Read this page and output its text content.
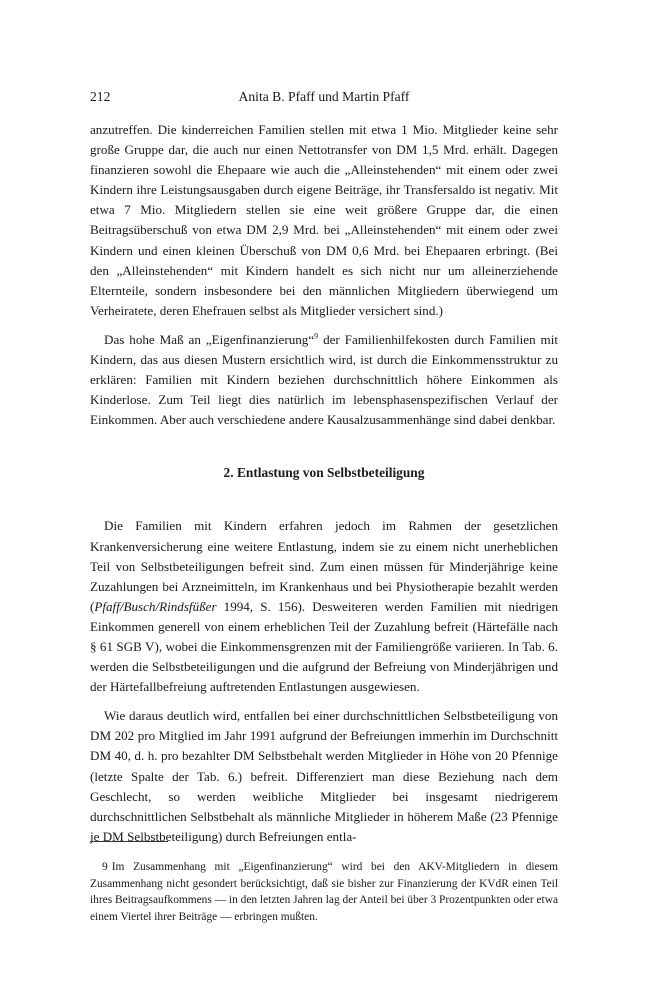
212	Anita B. Pfaff und Martin Pfaff

anzutreffen. Die kinderreichen Familien stellen mit etwa 1 Mio. Mitglieder keine sehr große Gruppe dar, die auch nur einen Nettotransfer von DM 1,5 Mrd. erhält. Dagegen finanzieren sowohl die Ehepaare wie auch die „Alleinstehenden“ mit einem oder zwei Kindern ihre Leistungsausgaben durch eigene Beiträge, ihr Transfersaldo ist negativ. Mit etwa 7 Mio. Mitgliedern stellen sie eine weit größere Gruppe dar, die einen Beitragsüberschuß von etwa DM 2,9 Mrd. bei „Alleinstehenden“ mit einem oder zwei Kindern und einen kleinen Überschuß von DM 0,6 Mrd. bei Ehepaaren erbringt. (Bei den „Alleinstehenden“ mit Kindern handelt es sich nicht nur um alleinerziehende Elternteile, sondern insbesondere bei den männlichen Mitgliedern überwiegend um Verheiratete, deren Ehefrauen selbst als Mitglieder versichert sind.)

Das hohe Maß an „Eigenfinanzierung“$^9$ der Familienhilfekosten durch Familien mit Kindern, das aus diesen Mustern ersichtlich wird, ist durch die Einkommensstruktur zu erklären: Familien mit Kindern beziehen durchschnittlich höhere Einkommen als Kinderlose. Zum Teil liegt dies natürlich im lebensphasenspezifischen Verlauf der Einkommen. Aber auch verschiedene andere Kausalzusammenhänge sind dabei denkbar.

2. Entlastung von Selbstbeteiligung

Die Familien mit Kindern erfahren jedoch im Rahmen der gesetzlichen Krankenversicherung eine weitere Entlastung, indem sie zu einem nicht unerheblichen Teil von Selbstbeteiligungen befreit sind. Zum einen müssen für Minderjährige keine Zuzahlungen bei Arzneimitteln, im Krankenhaus und bei Physiotherapie bezahlt werden (Pfaff/Busch/Rindsfüßer 1994, S. 156). Desweiteren werden Familien mit niedrigen Einkommen generell von einem erheblichen Teil der Zuzahlung befreit (Härtefälle nach § 61 SGB V), wobei die Einkommensgrenzen mit der Familiengröße variieren. In Tab. 6. werden die Selbstbeteiligungen und die aufgrund der Befreiung von Minderjährigen und der Härtefallbefreiung auftretenden Entlastungen ausgewiesen.

Wie daraus deutlich wird, entfallen bei einer durchschnittlichen Selbstbeteiligung von DM 202 pro Mitglied im Jahr 1991 aufgrund der Befreiungen immerhin im Durchschnitt DM 40, d. h. pro bezahlter DM Selbstbehalt werden Mitglieder in Höhe von 20 Pfennige (letzte Spalte der Tab. 6.) befreit. Differenziert man diese Beziehung nach dem Geschlecht, so werden weibliche Mitglieder bei insgesamt niedrigerem durchschnittlichen Selbstbehalt als männliche Mitglieder in höherem Maße (23 Pfennige je DM Selbstbeteiligung) durch Befreiungen entla-

9 Im Zusammenhang mit „Eigenfinanzierung“ wird bei den AKV-Mitgliedern in diesem Zusammenhang nicht gesondert berücksichtigt, daß sie bisher zur Finanzierung der KVdR einen Teil ihres Beitragsaufkommens — in den letzten Jahren lag der Anteil bei über 3 Prozentpunkten oder etwa einem Viertel ihrer Beiträge — erbringen mußten.
